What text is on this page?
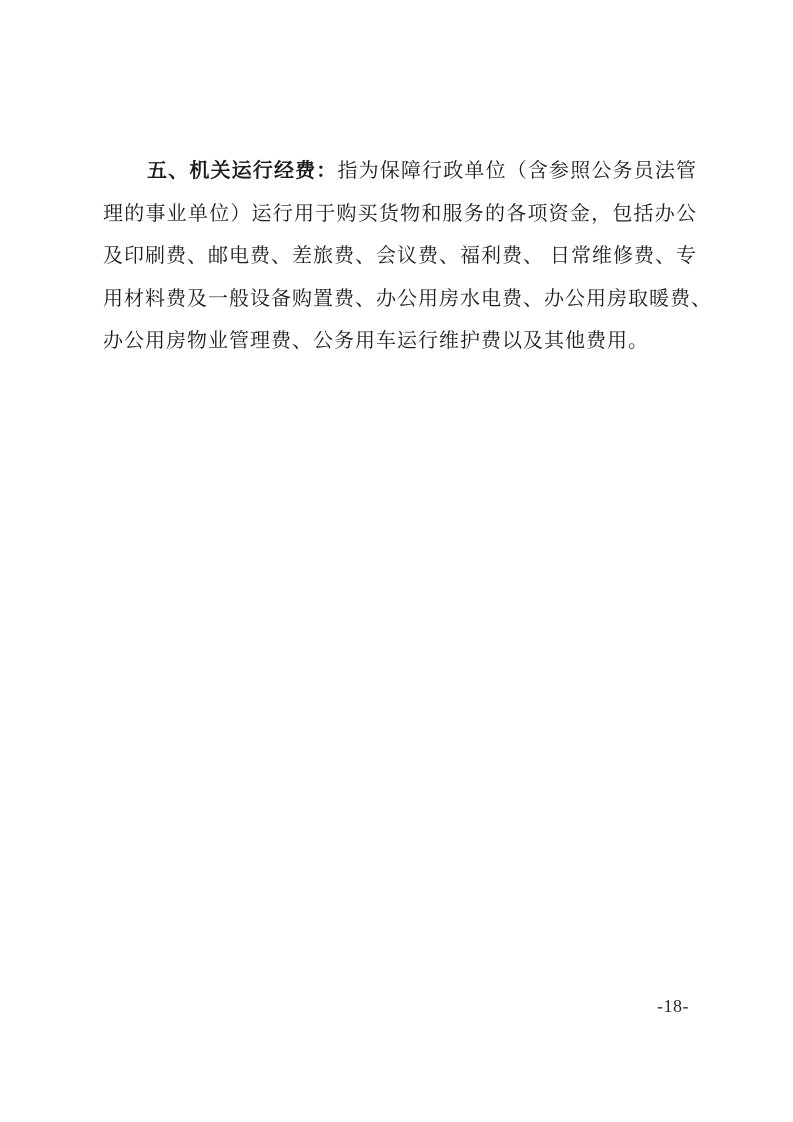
五、机关运行经费：指为保障行政单位（含参照公务员法管
理的事业单位）运行用于购买货物和服务的各项资金，包括办公
及印刷费、邮电费、差旅费、会议费、福利费、 日常维修费、专
用材料费及一般设备购置费、办公用房水电费、办公用房取暖费、
办公用房物业管理费、公务用车运行维护费以及其他费用。
-18-
